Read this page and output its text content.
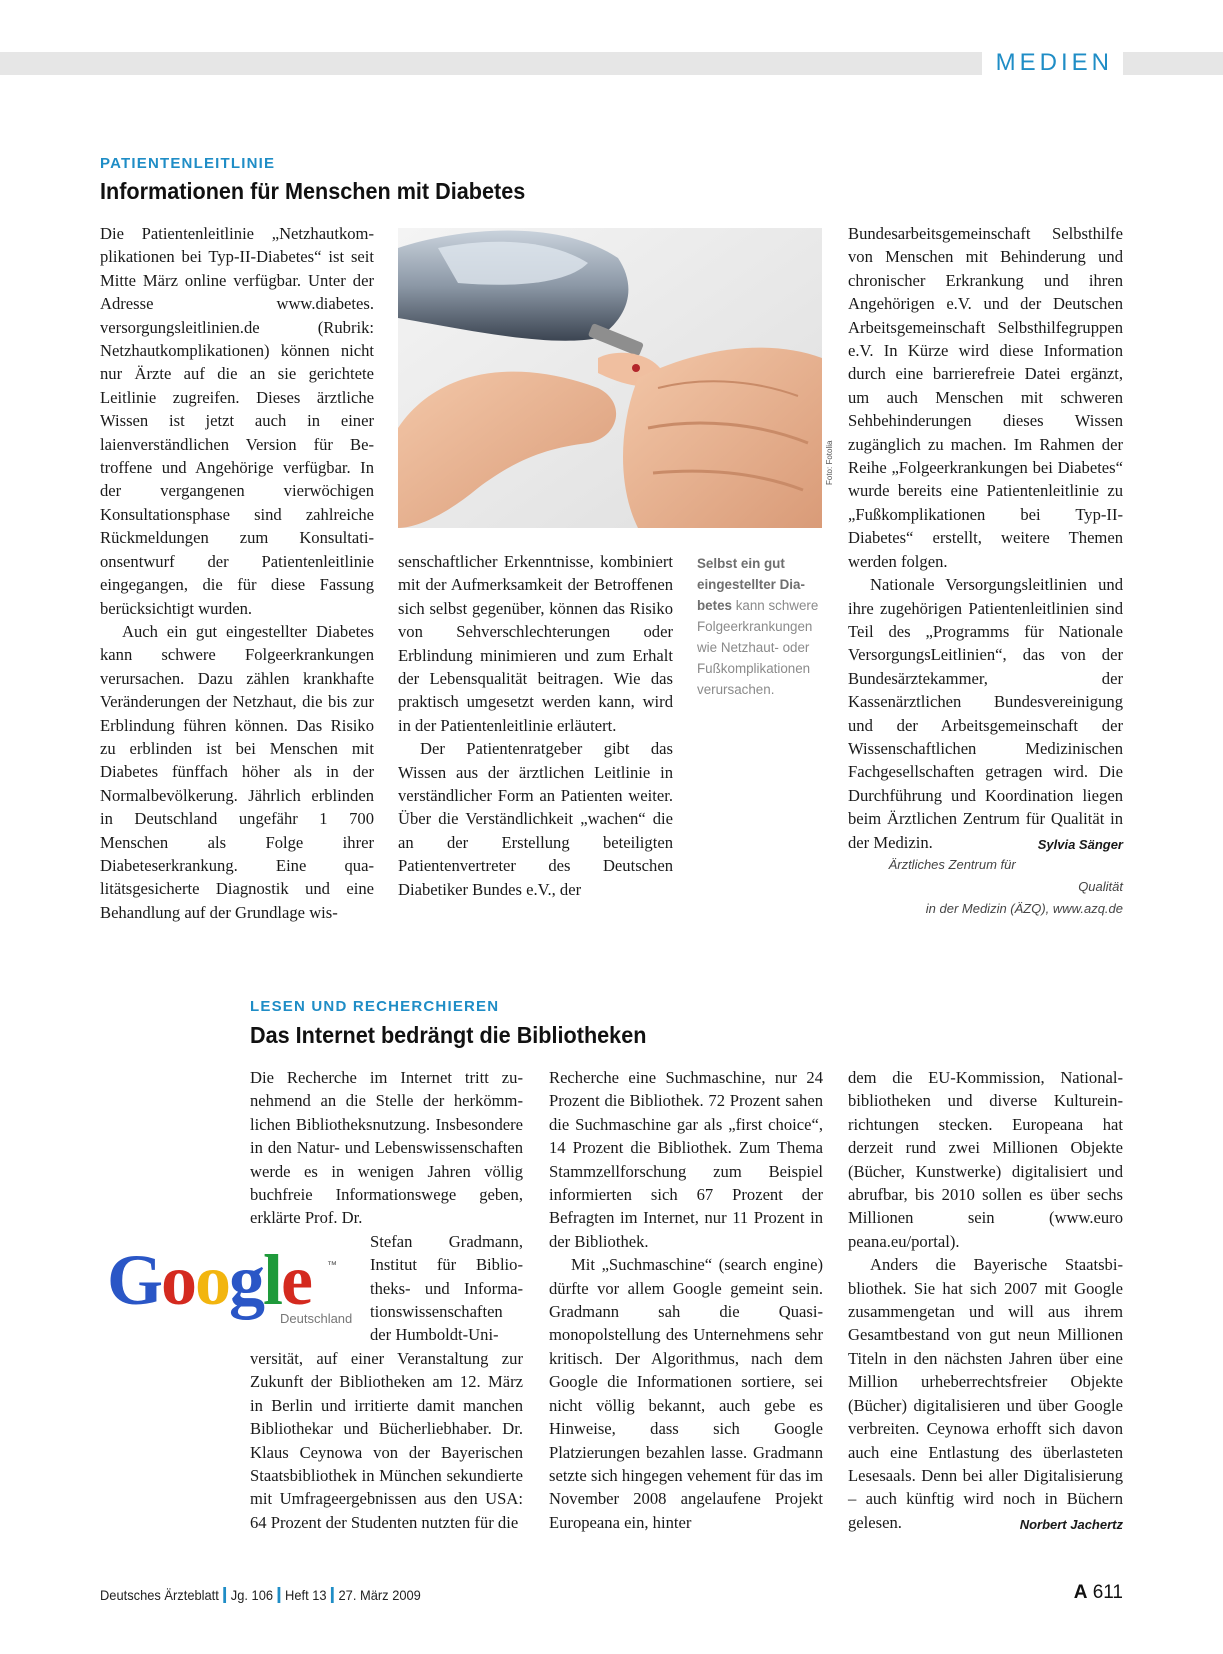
MEDIEN
PATIENTENLEITLINIE
Informationen für Menschen mit Diabetes

Die Patientenleitlinie „Netzhautkomplikationen bei Typ-II-Diabetes“ ist seit Mitte März online verfügbar. Unter der Adresse www.diabetes. versorgungsleitlinien.de (Rubrik: Netzhautkomplikationen) können nicht nur Ärzte auf die an sie gerichtete Leitlinie zugreifen. Dieses ärztliche Wissen ist jetzt auch in einer laienverständlichen Version für Betroffene und Angehörige verfügbar. In der vergangenen vierwöchigen Konsultationsphase sind zahlreiche Rückmeldungen zum Konsultationsentwurf der Patientenleitlinie eingegangen, die für diese Fassung berücksichtigt wurden.

Auch ein gut eingestellter Diabetes kann schwere Folgeerkrankungen verursachen. Dazu zählen krankhafte Veränderungen der Netzhaut, die bis zur Erblindung führen können. Das Risiko zu erblinden ist bei Menschen mit Diabetes fünffach höher als in der Normalbevölkerung. Jährlich erblinden in Deutschland ungefähr 1 700 Menschen als Folge ihrer Diabeteserkrankung. Eine qualitätsgesicherte Diagnostik und eine Behandlung auf der Grundlage wis-

Foto: Fotolia

senschaftlicher Erkenntnisse, kombiniert mit der Aufmerksamkeit der Betroffenen sich selbst gegenüber, können das Risiko von Sehverschlechterungen oder Erblindung minimieren und zum Erhalt der Lebensqualität beitragen. Wie das praktisch umgesetzt werden kann, wird in der Patientenleitlinie erläutert.

Der Patientenratgeber gibt das Wissen aus der ärztlichen Leitlinie in verständlicher Form an Patienten weiter. Über die Verständlichkeit „wachen“ die an der Erstellung beteiligten Patientenvertreter des Deutschen Diabetiker Bundes e.V., der

Selbst ein gut eingestellter Diabetes kann schwere Folgeerkrankungen wie Netzhaut- oder Fußkomplikationen verursachen.

Bundesarbeitsgemeinschaft Selbsthilfe von Menschen mit Behinderung und chronischer Erkrankung und ihren Angehörigen e.V. und der Deutschen Arbeitsgemeinschaft Selbsthilfegruppen e.V. In Kürze wird diese Information durch eine barrierefreie Datei ergänzt, um auch Menschen mit schweren Sehbehinderungen dieses Wissen zugänglich zu machen. Im Rahmen der Reihe „Folgeerkrankungen bei Diabetes“ wurde bereits eine Patientenleitlinie zu „Fußkomplikationen bei Typ-II-Diabetes“ erstellt, weitere Themen werden folgen.

Nationale Versorgungsleitlinien und ihre zugehörigen Patientenleitlinien sind Teil des „Programms für Nationale VersorgungsLeitlinien“, das von der Bundesärztekammer, der Kassenärztlichen Bundesvereinigung und der Arbeitsgemeinschaft der Wissenschaftlichen Medizinischen Fachgesellschaften getragen wird. Die Durchführung und Koordination liegen beim Ärztlichen Zentrum für Qualität in der Medizin.	Sylvia Sänger

Ärztliches Zentrum für Qualität
in der Medizin (ÄZQ), www.azq.de
LESEN UND RECHERCHIEREN
Das Internet bedrängt die Bibliotheken

Die Recherche im Internet tritt zunehmend an die Stelle der herkömmlichen Bibliotheksnutzung. Insbesondere in den Natur- und Lebenswissenschaften werde es in wenigen Jahren völlig buchfreie Informationswege geben, erklärte Prof. Dr.

Stefan Gradmann, Institut für Bibliotheks- und Informationswissenschaften der Humboldt-Uni-

versität, auf einer Veranstaltung zur Zukunft der Bibliotheken am 12. März in Berlin und irritierte damit manchen Bibliothekar und Bücherliebhaber. Dr. Klaus Ceynowa von der Bayerischen Staatsbibliothek in München sekundierte mit Umfrageergebnissen aus den USA: 64 Prozent der Studenten nutzten für die

Google ™
Deutschland

Recherche eine Suchmaschine, nur 24 Prozent die Bibliothek. 72 Prozent sahen die Suchmaschine gar als „first choice“, 14 Prozent die Bibliothek. Zum Thema Stammzellforschung zum Beispiel informierten sich 67 Prozent der Befragten im Internet, nur 11 Prozent in der Bibliothek.

Mit „Suchmaschine“ (search engine) dürfte vor allem Google gemeint sein. Gradmann sah die Quasimonopolstellung des Unternehmens sehr kritisch. Der Algorithmus, nach dem Google die Informationen sortiere, sei nicht völlig bekannt, auch gebe es Hinweise, dass sich Google Platzierungen bezahlen lasse. Gradmann setzte sich hingegen vehement für das im November 2008 angelaufene Projekt Europeana ein, hinter

dem die EU-Kommission, Nationalbibliotheken und diverse Kultureinrichtungen stecken. Europeana hat derzeit rund zwei Millionen Objekte (Bücher, Kunstwerke) digitalisiert und abrufbar, bis 2010 sollen es über sechs Millionen sein (www.euro peana.eu/portal).

Anders die Bayerische Staatsbibliothek. Sie hat sich 2007 mit Google zusammengetan und will aus ihrem Gesamtbestand von gut neun Millionen Titeln in den nächsten Jahren über eine Million urheberrechtsfreier Objekte (Bücher) digitalisieren und über Google verbreiten. Ceynowa erhofft sich davon auch eine Entlastung des überlasteten Lesesaals. Denn bei aller Digitalisierung – auch künftig wird noch in Büchern gelesen.	Norbert Jachertz

Deutsches Ärzteblatt Jg. 106 Heft 13 27. März 2009	A 611
